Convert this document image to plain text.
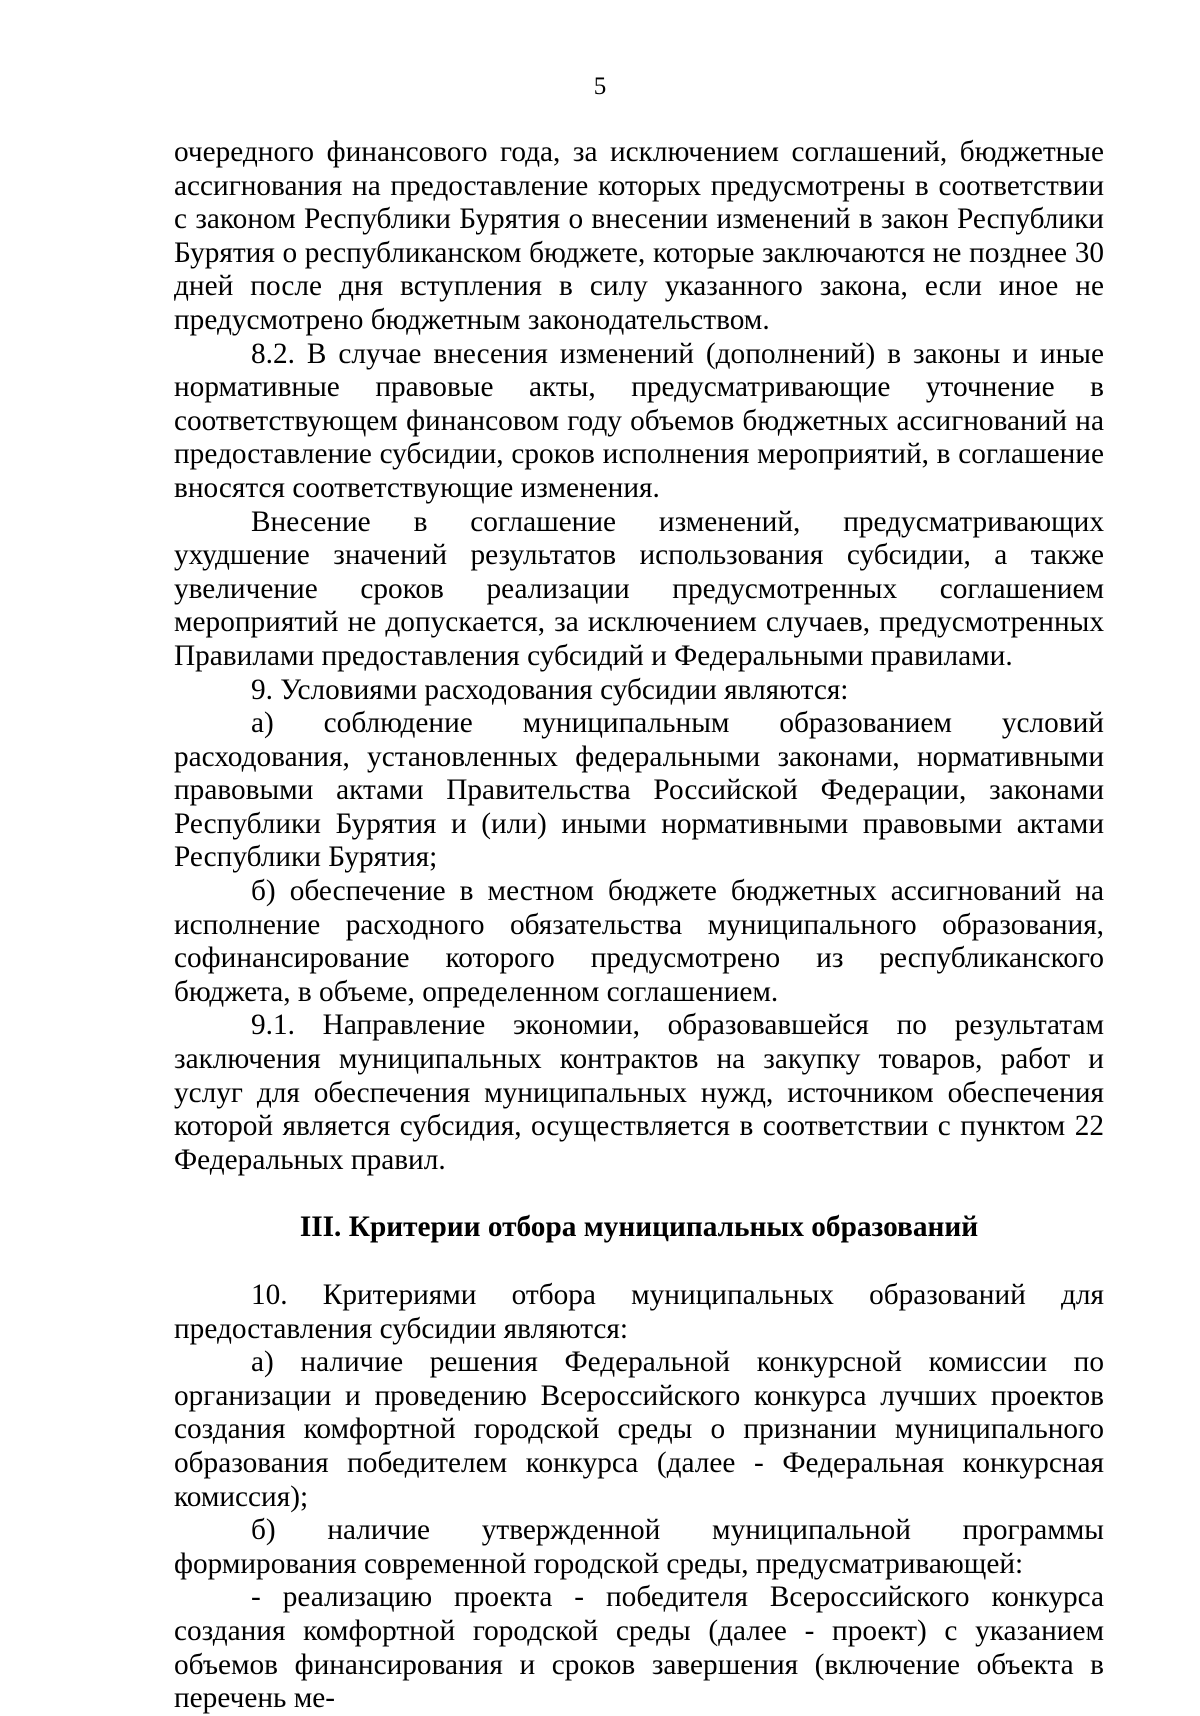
5

очередного финансового года, за исключением соглашений, бюджетные ассигнования на предоставление которых предусмотрены в соответствии с законом Республики Бурятия о внесении изменений в закон Республики Бурятия о республиканском бюджете, которые заключаются не позднее 30 дней после дня вступления в силу указанного закона, если иное не предусмотрено бюджетным законодательством.

8.2. В случае внесения изменений (дополнений) в законы и иные нормативные правовые акты, предусматривающие уточнение в соответствующем финансовом году объемов бюджетных ассигнований на предоставление субсидии, сроков исполнения мероприятий, в соглашение вносятся соответствующие изменения.

Внесение в соглашение изменений, предусматривающих ухудшение значений результатов использования субсидии, а также увеличение сроков реализации предусмотренных соглашением мероприятий не допускается, за исключением случаев, предусмотренных Правилами предоставления субсидий и Федеральными правилами.

9. Условиями расходования субсидии являются:

а) соблюдение муниципальным образованием условий расходования, установленных федеральными законами, нормативными правовыми актами Правительства Российской Федерации, законами Республики Бурятия и (или) иными нормативными правовыми актами Республики Бурятия;

б) обеспечение в местном бюджете бюджетных ассигнований на исполнение расходного обязательства муниципального образования, софинансирование которого предусмотрено из республиканского бюджета, в объеме, определенном соглашением.

9.1. Направление экономии, образовавшейся по результатам заключения муниципальных контрактов на закупку товаров, работ и услуг для обеспечения муниципальных нужд, источником обеспечения которой является субсидия, осуществляется в соответствии с пунктом 22 Федеральных правил.

III. Критерии отбора муниципальных образований

10. Критериями отбора муниципальных образований для предоставления субсидии являются:

а) наличие решения Федеральной конкурсной комиссии по организации и проведению Всероссийского конкурса лучших проектов создания комфортной городской среды о признании муниципального образования победителем конкурса (далее - Федеральная конкурсная комиссия);

б) наличие утвержденной муниципальной программы формирования современной городской среды, предусматривающей:

- реализацию проекта - победителя Всероссийского конкурса создания комфортной городской среды (далее - проект) с указанием объемов финансирования и сроков завершения (включение объекта в перечень ме-
